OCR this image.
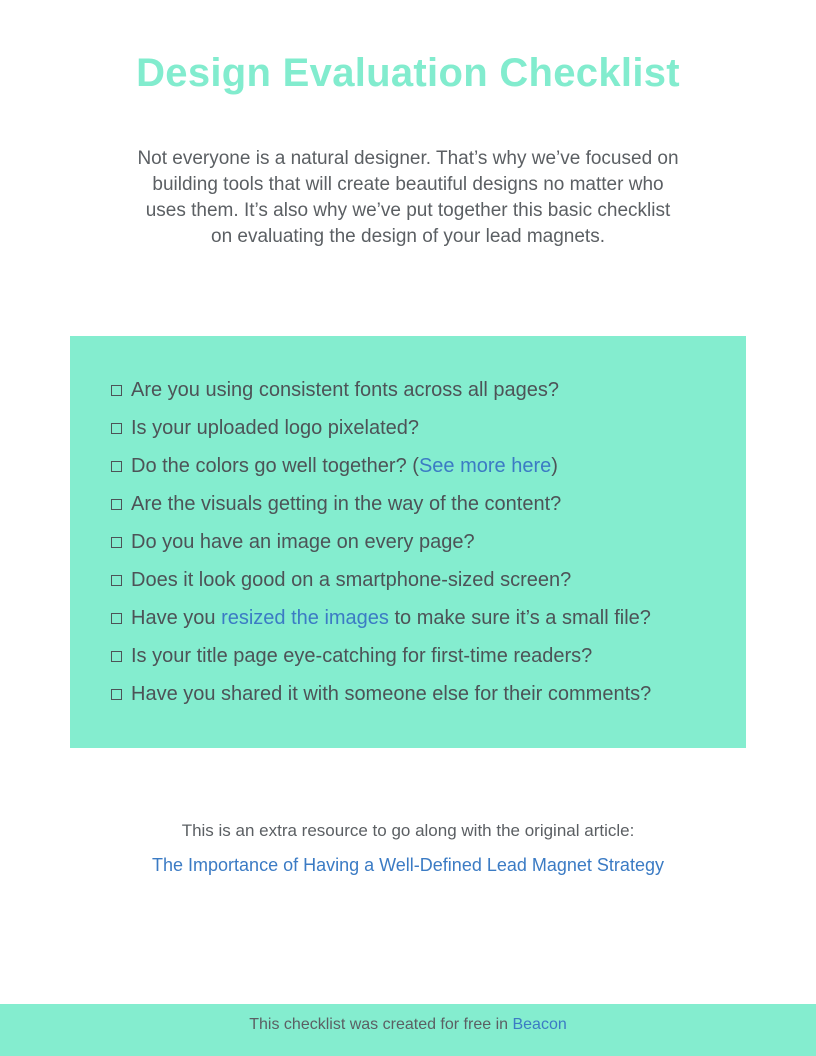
Design Evaluation Checklist

Not everyone is a natural designer. That’s why we’ve focused on building tools that will create beautiful designs no matter who uses them. It’s also why we’ve put together this basic checklist on evaluating the design of your lead magnets.

Are you using consistent fonts across all pages?
Is your uploaded logo pixelated?
Do the colors go well together? (See more here)
Are the visuals getting in the way of the content?
Do you have an image on every page?
Does it look good on a smartphone-sized screen?
Have you resized the images to make sure it’s a small file?
Is your title page eye-catching for first-time readers?
Have you shared it with someone else for their comments?

This is an extra resource to go along with the original article:

The Importance of Having a Well-Defined Lead Magnet Strategy

This checklist was created for free in Beacon
